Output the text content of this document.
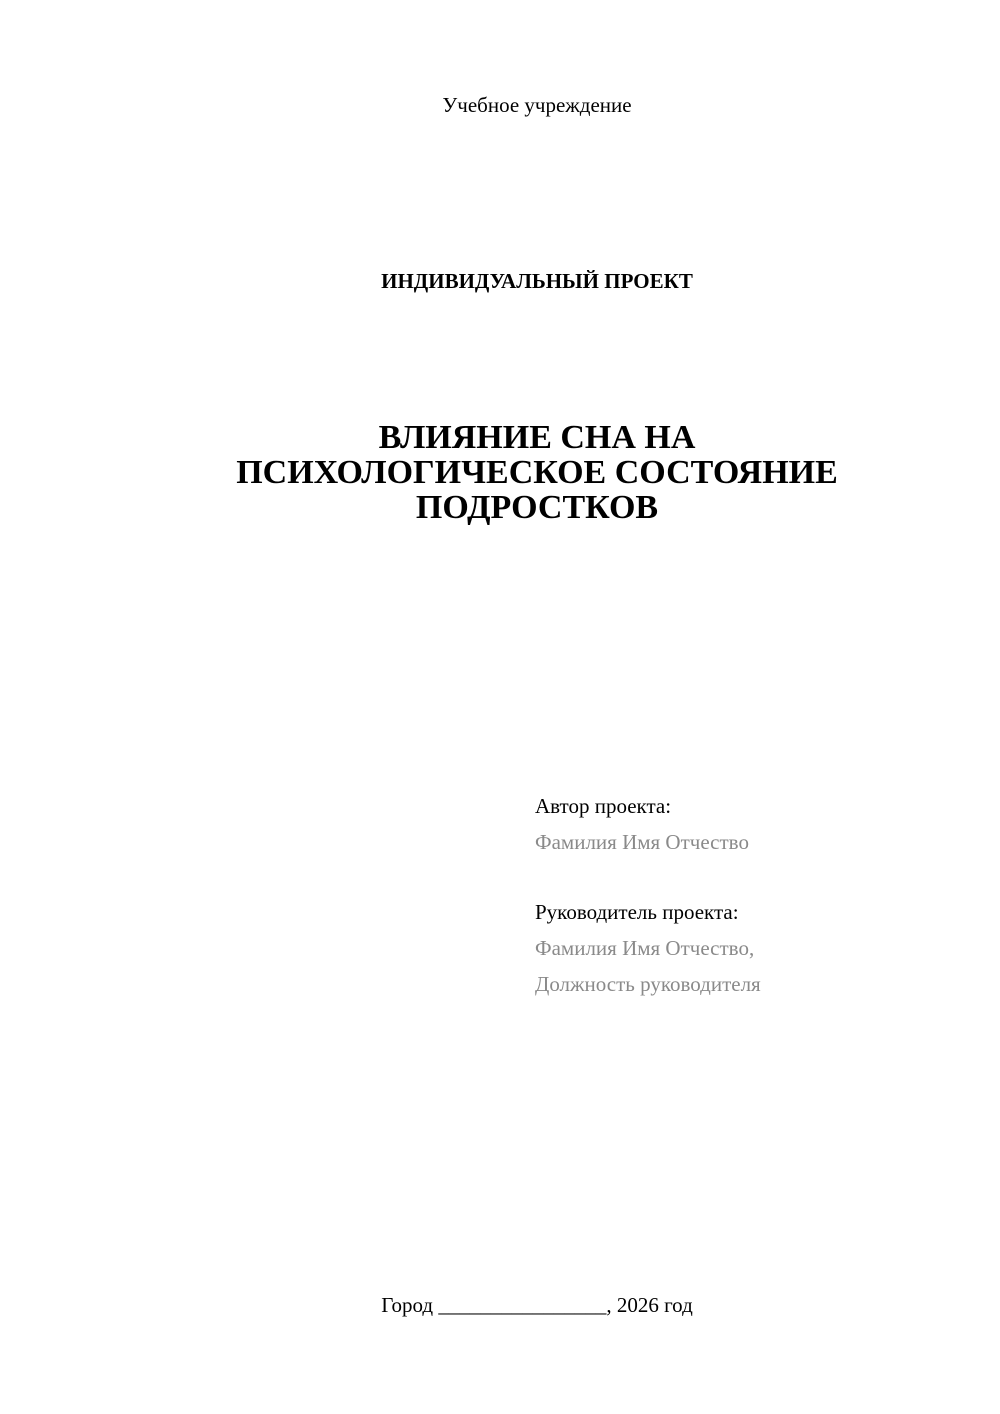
Учебное учреждение
ИНДИВИДУАЛЬНЫЙ ПРОЕКТ
ВЛИЯНИЕ СНА НА
ПСИХОЛОГИЧЕСКОЕ СОСТОЯНИЕ
ПОДРОСТКОВ
Автор проекта:
Фамилия Имя Отчество
Руководитель проекта:
Фамилия Имя Отчество,
Должность руководителя
Город ________________, 2026 год
